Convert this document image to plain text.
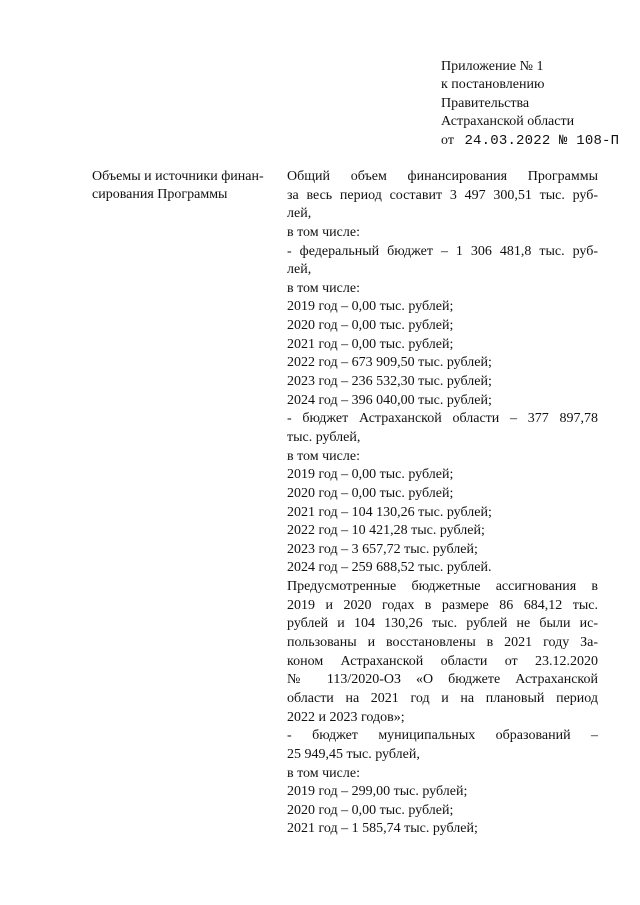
Приложение № 1
к постановлению
Правительства
Астраханской области
от 24.03.2022 № 108-П
Объемы и источники финан-
сирования Программы
Общий объем финансирования Программы
за весь период составит 3 497 300,51 тыс. руб-
лей,
в том числе:
- федеральный бюджет – 1 306 481,8 тыс. руб-
лей,
в том числе:
2019 год – 0,00 тыс. рублей;
2020 год – 0,00 тыс. рублей;
2021 год – 0,00 тыс. рублей;
2022 год – 673 909,50 тыс. рублей;
2023 год – 236 532,30 тыс. рублей;
2024 год – 396 040,00 тыс. рублей;
- бюджет Астраханской области – 377 897,78
тыс. рублей,
в том числе:
2019 год – 0,00 тыс. рублей;
2020 год – 0,00 тыс. рублей;
2021 год – 104 130,26 тыс. рублей;
2022 год – 10 421,28 тыс. рублей;
2023 год – 3 657,72 тыс. рублей;
2024 год – 259 688,52 тыс. рублей.
Предусмотренные бюджетные ассигнования в
2019 и 2020 годах в размере 86 684,12 тыс.
рублей и 104 130,26 тыс. рублей не были ис-
пользованы и восстановлены в 2021 году За-
коном Астраханской области от 23.12.2020
№ 113/2020-ОЗ «О бюджете Астраханской
области на 2021 год и на плановый период
2022 и 2023 годов»;
- бюджет муниципальных образований –
25 949,45 тыс. рублей,
в том числе:
2019 год – 299,00 тыс. рублей;
2020 год – 0,00 тыс. рублей;
2021 год – 1 585,74 тыс. рублей;
